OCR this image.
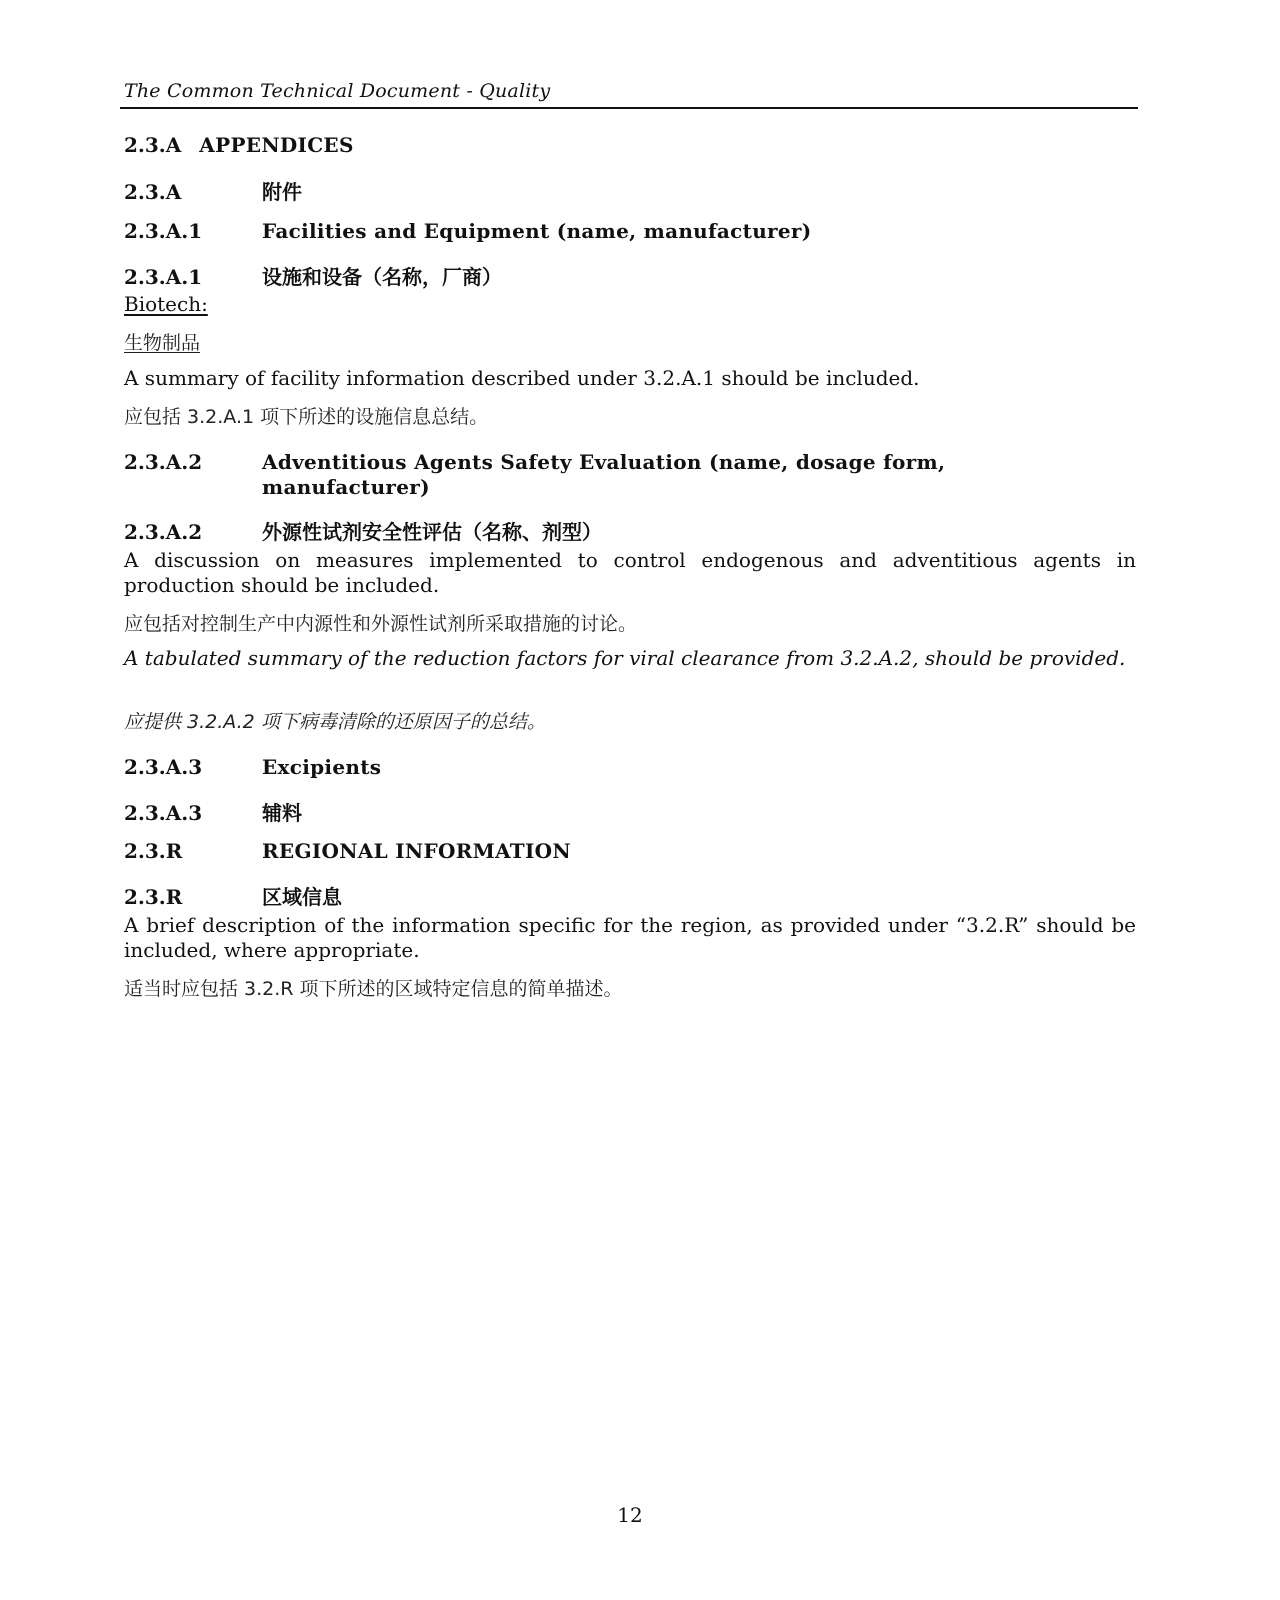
The Common Technical Document - Quality
2.3.A APPENDICES
2.3.A	附件
2.3.A.1	Facilities and Equipment (name, manufacturer)
2.3.A.1	设施和设备（名称，厂商）
Biotech:
生物制品
A summary of facility information described under 3.2.A.1 should be included.
应包括 3.2.A.1 项下所述的设施信息总结。
2.3.A.2	Adventitious Agents Safety Evaluation (name, dosage form, manufacturer)
2.3.A.2	外源性试剂安全性评估（名称、剂型）
A discussion on measures implemented to control endogenous and adventitious agents in production should be included.
应包括对控制生产中内源性和外源性试剂所采取措施的讨论。
A tabulated summary of the reduction factors for viral clearance from 3.2.A.2, should be provided.
应提供 3.2.A.2 项下病毒清除的还原因子的总结。
2.3.A.3	Excipients
2.3.A.3	辅料
2.3.R	REGIONAL INFORMATION
2.3.R	区域信息
A brief description of the information specific for the region, as provided under “3.2.R” should be included, where appropriate.
适当时应包括 3.2.R 项下所述的区域特定信息的简单描述。
12
